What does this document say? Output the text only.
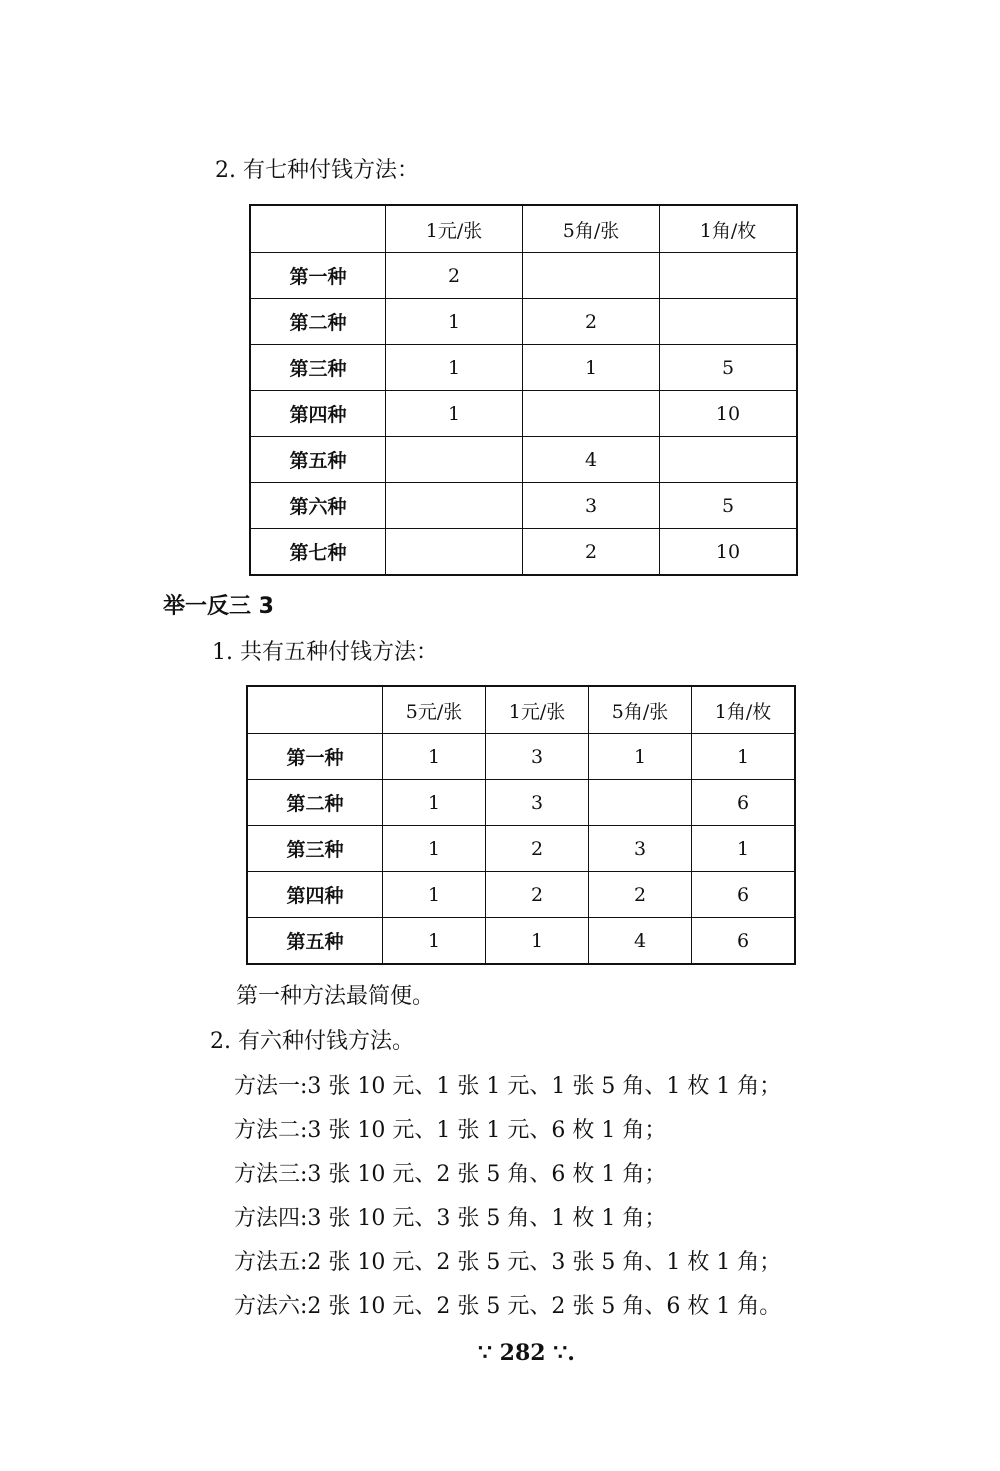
2. 有七种付钱方法：
	1元/张	5角/张	1角/枚
第一种	2		
第二种	1	2	
第三种	1	1	5
第四种	1		10
第五种		4	
第六种		3	5
第七种		2	10
举一反三 3
1. 共有五种付钱方法：
	5元/张	1元/张	5角/张	1角/枚
第一种	1	3	1	1
第二种	1	3		6
第三种	1	2	3	1
第四种	1	2	2	6
第五种	1	1	4	6
第一种方法最简便。
2. 有六种付钱方法。
方法一:3 张 10 元、1 张 1 元、1 张 5 角、1 枚 1 角；
方法二:3 张 10 元、1 张 1 元、6 枚 1 角；
方法三:3 张 10 元、2 张 5 角、6 枚 1 角；
方法四:3 张 10 元、3 张 5 角、1 枚 1 角；
方法五:2 张 10 元、2 张 5 元、3 张 5 角、1 枚 1 角；
方法六:2 张 10 元、2 张 5 元、2 张 5 角、6 枚 1 角。
∵ 282 ∵.
